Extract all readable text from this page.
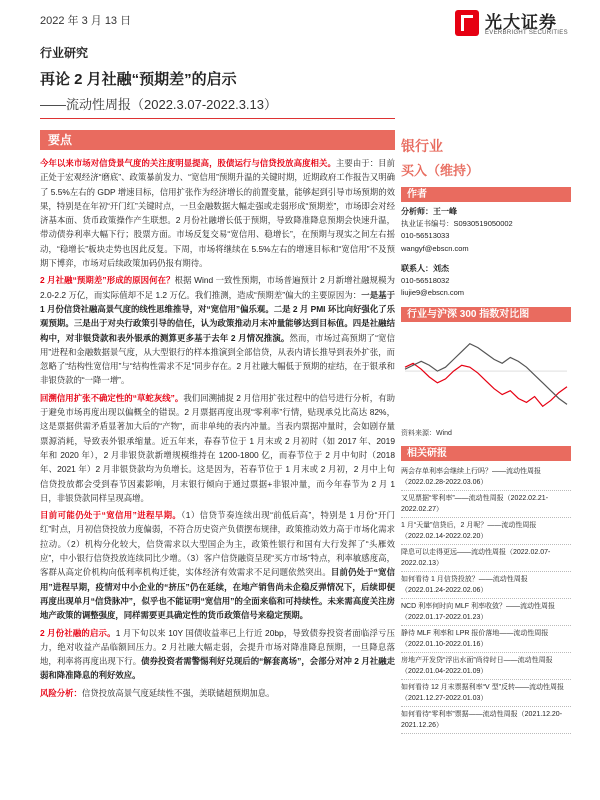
2022 年 3 月 13 日	光大证券
EVERBRIGHT SECURITIES
行业研究
再论 2 月社融“预期差”的启示
——流动性周报（2022.3.07-2022.3.13）
要点

今年以来市场对信贷景气度的关注度明显提高，股债运行与信贷投放高度相关。主要由于：目前正处于宏观经济“磨底”、政策暴前发力、“宽信用”预期升温的关键时期，近期政府工作报告又明确了 5.5%左右的 GDP 增速目标，信用扩张作为经济增长的前置变量，能够起到引导市场预期的效果，特别是在年初“开门红”关键时点，一旦金融数据大幅走强或走弱形成“预期差”，市场即会对经济基本面、货币政策操作产生联想。2 月份社融增长低于预期，导致降准降息预期会快速升温，带动债券利率大幅下行；股票方面。市场反复交易“宽信用、稳增长”，在预期与现实之间左右摇动，“稳增长”板块走势也因此反复。下周，市场将继续在 5.5%左右的增速目标和“宽信用”不及预期下博弈，市场对后续政策加码仍报有期待。

2 月社融“预期差”形成的原因何在？根据 Wind 一致性预期，市场普遍预计 2 月新增社融规模为 2.0-2.2 万亿，而实际值却不足 1.2 万亿。我们推测，造成“预期差”偏大的主要原因为：一是基于 1 月份信贷社融高景气度的线性思维推导，对“宽信用”偏乐观。二是 2 月 PMI 环比向好强化了乐观预期。三是出于对央行政策引导的信任，认为政策推动月末冲量能够达到目标值。四是社融结构中，对非银贷款和表外银承的测算更多基于去年 2 月情况推演。然而，市场过高预期了“宽信用”进程和金融数据景气度，从大型银行的样本推演到全部信贷，从表内请长推导到表外扩张，而忽略了“结构性宽信用”与“结构性需求不足”同步存在。2 月社融大幅低于预期的症结，在于银承和非银贷款的“一降一增”。

回溯信用扩张不确定性的“草蛇灰线”。我们回溯捕捉 2 月信用扩张过程中的信号进行分析，有助于避免市场再度出现以偏概全的错误。2 月票据再度出现“零利率”行情，贴现承兑比高达 82%，这是票据供需矛盾显著加大后的“产物”，而非单纯的表内冲量。当表内票据冲量时，会如剧存量票源消耗，导致表外银承缩量。近五年来，春春节位于 1 月末或 2 月初时（如 2017 年、2019 年和 2020 年），2 月非银贷款新增规模维持在 1200-1800 亿，而春节位于 2 月中旬时（2018 年、2021 年）2 月非银贷款均为负增长。这是因为，若春节位于 1 月末或 2 月初，2 月中上旬信贷投放都会受到春节因素影响，月末银行倾向于通过票据+非银冲量，而今年春节为 2 月 1 日，非银贷款同样呈现高增。

目前可能仍处于“宽信用”进程早期。（1）信贷节奏连续出现“前低后高”，特别是 1 月份“开门红”时点，月初信贷投放力度偏弱，不符合历史资产负债摆布规律，政策推动效力高于市场化需求拉动。（2）机构分化较大，信贷需求以大型国企为主，政策性银行和国有大行发挥了“头雁效应”，中小银行信贷投放连续同比少增。（3）客户信贷融资呈现“买方市场”特点，利率敏感度高，客群从高定价机构向低利率机构迁徙，实体经济有效需求不足问题依然突出。目前仍处于“宽信用”进程早期，疫情对中小企业的“挤压”仍在延续，在地产销售尚未企稳反弹情况下，后续即便再度出现单月“信贷脉冲”，似乎也不能证明“宽信用”的全面来临和可持续性。未来需高度关注房地产政策的调整强度，同样需要更具确定性的货币政策信号来稳定预期。

2 月份社融的启示。1 月下旬以来 10Y 国债收益率已上行近 20bp，导致债券投资者面临浮亏压力，绝对收益产品临额回压力。2 月社融大幅走弱，会提升市场对降准降息预期，一旦降息落地，利率将再度出现下行。债券投资者需警惕利好兑现后的“解套离场”，会部分对冲 2 月社融走弱和降准降息的利好效应。

风险分析：信贷投放高景气度延续性不强，美联储超预期加息。

银行业
买入（维持）
作者
分析师：王一峰
执业证书编号：S0930519050002
010-56513033
wangyf@ebscn.com
联系人：刘杰
010-56518032
liujie9@ebscn.com
行业与沪深 300 指数对比图
资料来源：Wind
相关研报
两会存单利率会继续上行吗？——流动性周报（2022.02.28-2022.03.06）
又见票据“零利率”——流动性周报（2022.02.21-2022.02.27）
1 月“天量”信贷后，2 月呢？——流动性周报（2022.02.14-2022.02.20）
降息可以走得更远——流动性周报（2022.02.07-2022.02.13）
如何看待 1 月信贷投放？——流动性周报（2022.01.24-2022.02.06）
NCD 利率何时向 MLF 利率收敛？——流动性周报（2022.01.17-2022.01.23）
静待 MLF 利率和 LPR 报价落地——流动性周报（2022.01.10-2022.01.16）
房地产开发贷“浮出水面”尚待时日——流动性周报（2022.01.04-2022.01.09）
如何看待 12 月末票据利率“V 型”反转——流动性周报（2021.12.27-2022.01.03）
如何看待“零利率”票据——流动性周报（2021.12.20-2021.12.26）
